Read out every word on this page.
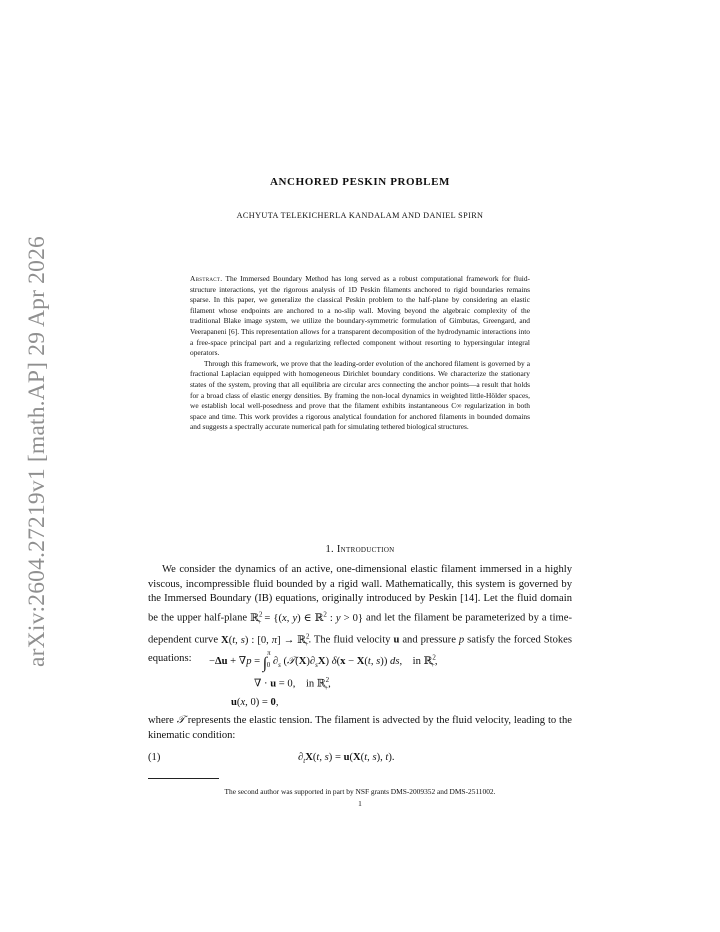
arXiv:2604.27219v1 [math.AP] 29 Apr 2026
ANCHORED PESKIN PROBLEM
ACHYUTA TELEKICHERLA KANDALAM AND DANIEL SPIRN

Abstract. The Immersed Boundary Method has long served as a robust computational framework for fluid-structure interactions, yet the rigorous analysis of 1D Peskin filaments anchored to rigid boundaries remains sparse. In this paper, we generalize the classical Peskin problem to the half-plane by considering an elastic filament whose endpoints are anchored to a no-slip wall. Moving beyond the algebraic complexity of the traditional Blake image system, we utilize the boundary-symmetric formulation of Gimbutas, Greengard, and Veerapaneni [6]. This representation allows for a transparent decomposition of the hydrodynamic interactions into a free-space principal part and a regularizing reflected component without resorting to hypersingular integral operators.

Through this framework, we prove that the leading-order evolution of the anchored filament is governed by a fractional Laplacian equipped with homogeneous Dirichlet boundary conditions. We characterize the stationary states of the system, proving that all equilibria are circular arcs connecting the anchor points—a result that holds for a broad class of elastic energy densities. By framing the non-local dynamics in weighted little-Hölder spaces, we establish local well-posedness and prove that the filament exhibits instantaneous C∞ regularization in both space and time. This work provides a rigorous analytical foundation for anchored filaments in bounded domains and suggests a spectrally accurate numerical path for simulating tethered biological structures.

1. Introduction

We consider the dynamics of an active, one-dimensional elastic filament immersed in a highly viscous, incompressible fluid bounded by a rigid wall. Mathematically, this system is governed by the Immersed Boundary (IB) equations, originally introduced by Peskin [14]. Let the fluid domain be the upper half-plane ℝ$^2_+$ = {(x, y) ∈ ℝ$^2$ : y > 0} and let the filament be parameterized by a time-dependent curve X(t, s) : [0, π] → ℝ$^2_+$. The fluid velocity u and pressure p satisfy the forced Stokes equations:	−Δu + ∇p = ∫$^\pi_0$ $\partial_s$ $(𝒯(X)\partial_sX) \delta(x - X(t$, s)) ds,    in ℝ$^2_+$,
∇ · u = 0,    in ℝ$^2_+$,
u(x, 0) = 0,

where 𝒯 represents the elastic tension. The filament is advected by the fluid velocity, leading to the kinematic condition:

(1)	$\partial_tX(t$, s) = u(X(t, s), t).
The second author was supported in part by NSF grants DMS-2009352 and DMS-2511002.
1
